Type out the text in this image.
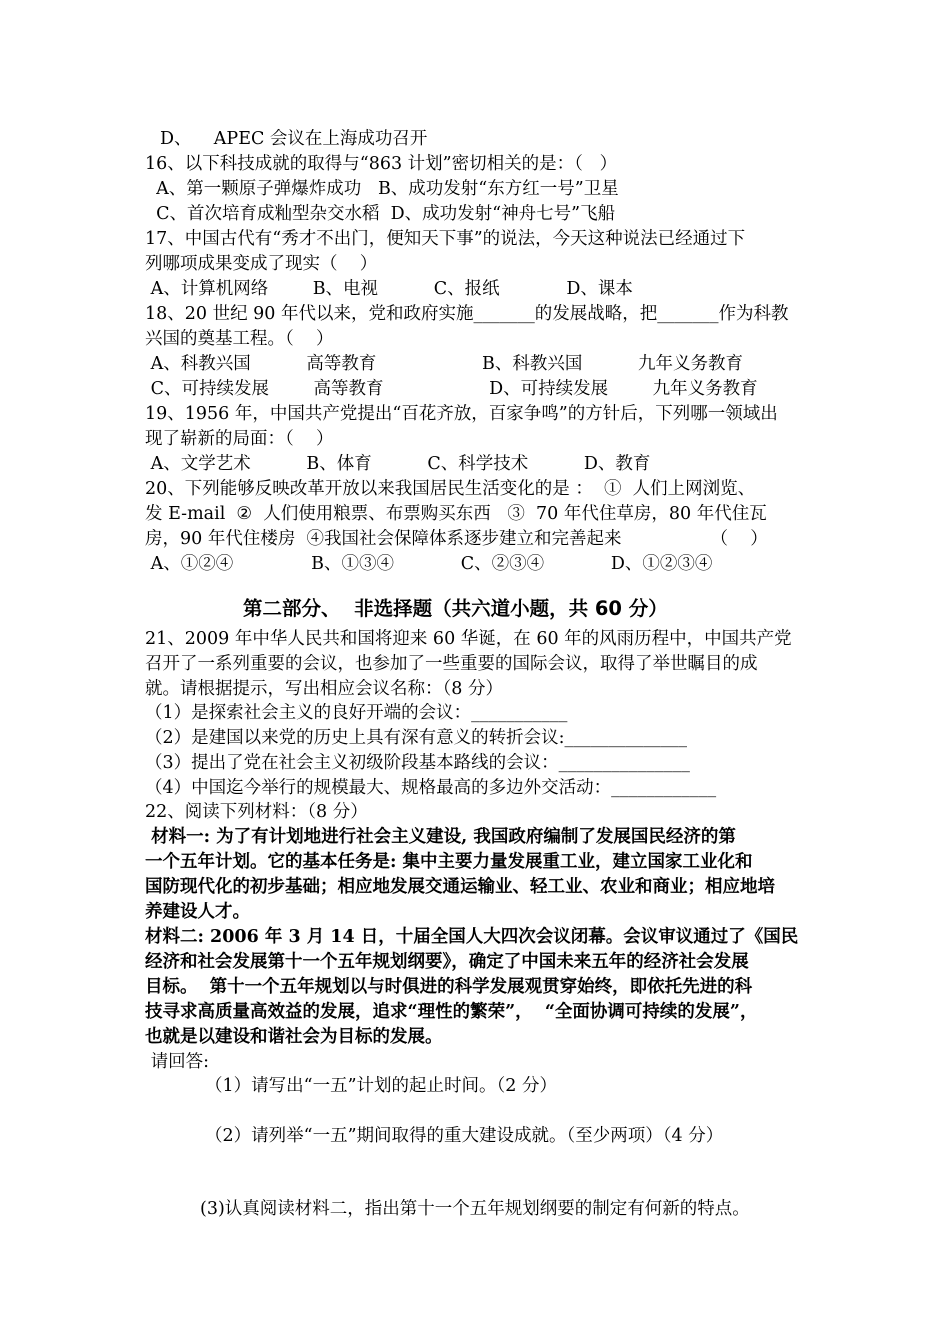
D、    APEC 会议在上海成功召开
16、以下科技成就的取得与“863 计划”密切相关的是：（   ）
A、第一颗原子弹爆炸成功   B、成功发射“东方红一号”卫星
C、首次培育成籼型杂交水稻  D、成功发射“神舟七号”飞船
17、中国古代有“秀才不出门，便知天下事”的说法，今天这种说法已经通过下
列哪项成果变成了现实（    ）
A、计算机网络        B、电视          C、报纸            D、课本
18、20 世纪 90 年代以来，党和政府实施_______的发展战略，把_______作为科教
兴国的奠基工程。（    ）
A、科教兴国          高等教育                   B、科教兴国          九年义务教育
C、可持续发展        高等教育                   D、可持续发展        九年义务教育
19、1956 年，中国共产党提出“百花齐放，百家争鸣”的方针后，下列哪一领域出
现了崭新的局面：（    ）
A、文学艺术          B、体育          C、科学技术          D、教育
20、下列能够反映改革开放以来我国居民生活变化的是 ：  ①  人们上网浏览、
发 E-mail  ②  人们使用粮票、布票购买东西   ③  70 年代住草房，80 年代住瓦
房，90 年代住楼房  ④我国社会保障体系逐步建立和完善起来                （    ）
A、①②④              B、①③④            C、②③④            D、①②③④
第二部分、  非选择题（共六道小题，共 60 分）
21、2009 年中华人民共和国将迎来 60 华诞，在 60 年的风雨历程中，中国共产党
召开了一系列重要的会议，也参加了一些重要的国际会议，取得了举世瞩目的成
就。请根据提示，写出相应会议名称：（8 分）
（1）是探索社会主义的良好开端的会议：___________
（2）是建国以来党的历史上具有深有意义的转折会议:______________
（3）提出了党在社会主义初级阶段基本路线的会议：_______________
（4）中国迄今举行的规模最大、规格最高的多边外交活动：____________
22、阅读下列材料：（8 分）
材料一: 为了有计划地进行社会主义建设, 我国政府编制了发展国民经济的第
一个五年计划。它的基本任务是: 集中主要力量发展重工业，建立国家工业化和
国防现代化的初步基础；相应地发展交通运输业、轻工业、农业和商业；相应地培
养建设人才。
材料二: 2006 年 3 月 14 日，十届全国人大四次会议闭幕。会议审议通过了《国民
经济和社会发展第十一个五年规划纲要》，确定了中国未来五年的经济社会发展
目标。  第十一个五年规划以与时俱进的科学发展观贯穿始终，即依托先进的科
技寻求高质量高效益的发展，追求“理性的繁荣”，  “全面协调可持续的发展”，
也就是以建设和谐社会为目标的发展。
请回答:
（1）请写出“一五”计划的起止时间。（2 分）
（2）请列举“一五”期间取得的重大建设成就。（至少两项）（4 分）
(3)认真阅读材料二，指出第十一个五年规划纲要的制定有何新的特点。
